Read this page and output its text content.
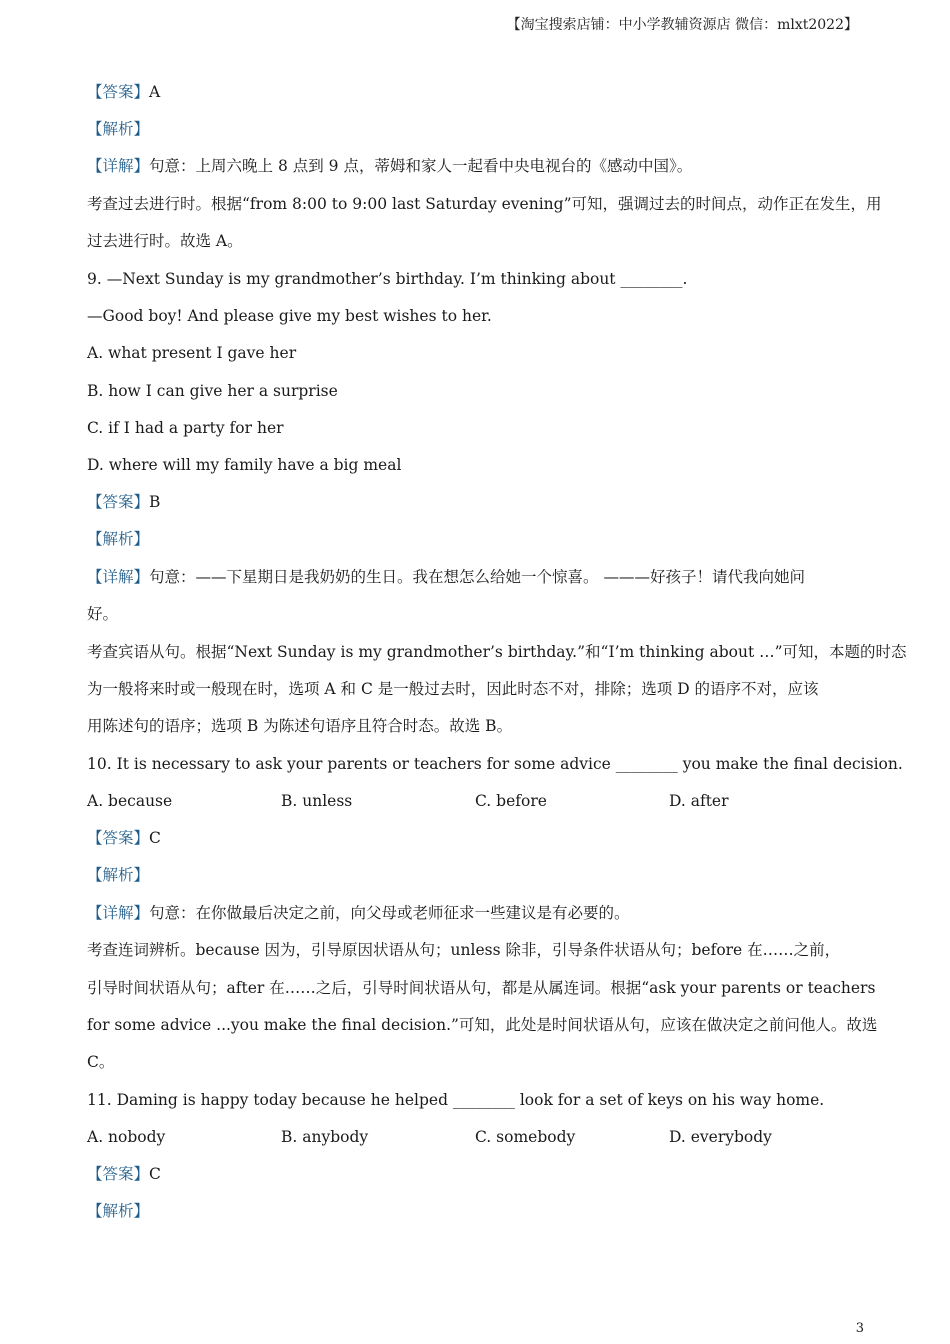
【淘宝搜索店铺：中小学教辅资源店 微信：mlxt2022】
【答案】A
【解析】
【详解】句意：上周六晚上 8 点到 9 点，蒂姆和家人一起看中央电视台的《感动中国》。
考查过去进行时。根据“from 8:00 to 9:00 last Saturday evening”可知，强调过去的时间点，动作正在发生，用
过去进行时。故选 A。
9. —Next Sunday is my grandmother’s birthday. I’m thinking about ________.
—Good boy! And please give my best wishes to her.
A. what present I gave her
B. how I can give her a surprise
C. if I had a party for her
D. where will my family have a big meal
【答案】B
【解析】
【详解】句意：——下星期日是我奶奶的生日。我在想怎么给她一个惊喜。 ———好孩子！请代我向她问
好。
考查宾语从句。根据“Next Sunday is my grandmother’s birthday.”和“I’m thinking about …”可知，本题的时态
为一般将来时或一般现在时，选项 A 和 C 是一般过去时，因此时态不对，排除；选项 D 的语序不对，应该
用陈述句的语序；选项 B 为陈述句语序且符合时态。故选 B。
10. It is necessary to ask your parents or teachers for some advice ________ you make the final decision.
A. because	B. unless	C. before	D. after
【答案】C
【解析】
【详解】句意：在你做最后决定之前，向父母或老师征求一些建议是有必要的。
考查连词辨析。because 因为，引导原因状语从句；unless 除非，引导条件状语从句；before 在……之前，
引导时间状语从句；after 在……之后，引导时间状语从句，都是从属连词。根据“ask your parents or teachers
for some advice ...you make the final decision.”可知，此处是时间状语从句，应该在做决定之前问他人。故选
C。
11. Daming is happy today because he helped ________ look for a set of keys on his way home.
A. nobody	B. anybody	C. somebody	D. everybody
【答案】C
【解析】
3
